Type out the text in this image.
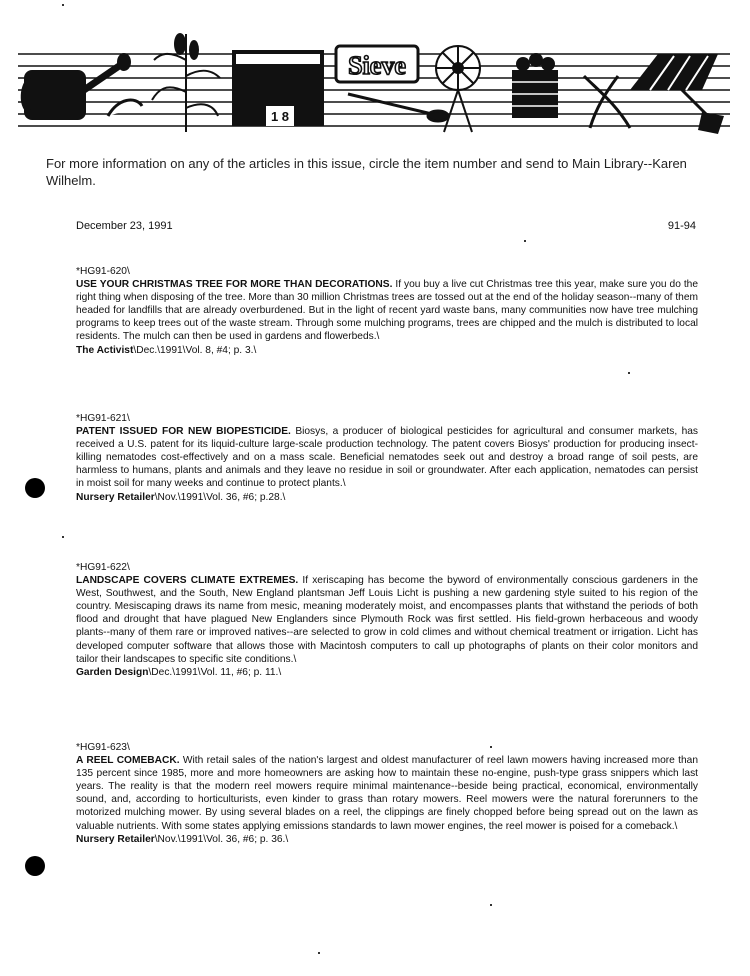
1 8
Sieve
For more information on any of the articles in this issue, circle the item number and send to Main Library--Karen Wilhelm.
December 23, 1991	91-94
*HG91-620\
USE YOUR CHRISTMAS TREE FOR MORE THAN DECORATIONS. If you buy a live cut Christmas tree this year, make sure you do the right thing when disposing of the tree. More than 30 million Christmas trees are tossed out at the end of the holiday season--many of them headed for landfills that are already overburdened. But in the light of recent yard waste bans, many communities now have tree mulching programs to keep trees out of the waste stream. Through some mulching programs, trees are chipped and the mulch is distributed to local residents. The mulch can then be used in gardens and flowerbeds.\
The Activist\Dec.\1991\Vol. 8, #4; p. 3.\
*HG91-621\
PATENT ISSUED FOR NEW BIOPESTICIDE. Biosys, a producer of biological pesticides for agricultural and consumer markets, has received a U.S. patent for its liquid-culture large-scale production technology. The patent covers Biosys' production for producing insect-killing nematodes cost-effectively and on a mass scale. Beneficial nematodes seek out and destroy a broad range of soil pests, are harmless to humans, plants and animals and they leave no residue in soil or groundwater. After each application, nematodes can persist in moist soil for many weeks and continue to protect plants.\
Nursery Retailer\Nov.\1991\Vol. 36, #6; p.28.\
*HG91-622\
LANDSCAPE COVERS CLIMATE EXTREMES. If xeriscaping has become the byword of environmentally conscious gardeners in the West, Southwest, and the South, New England plantsman Jeff Louis Licht is pushing a new gardening style suited to his region of the country. Mesiscaping draws its name from mesic, meaning moderately moist, and encompasses plants that withstand the periods of both flood and drought that have plagued New Englanders since Plymouth Rock was first settled. His field-grown herbaceous and woody plants--many of them rare or improved natives--are selected to grow in cold climes and without chemical treatment or irrigation. Licht has developed computer software that allows those with Macintosh computers to call up photographs of plants on their color monitors and tailor their landscapes to specific site conditions.\
Garden Design\Dec.\1991\Vol. 11, #6; p. 11.\
*HG91-623\
A REEL COMEBACK. With retail sales of the nation's largest and oldest manufacturer of reel lawn mowers having increased more than 135 percent since 1985, more and more homeowners are asking how to maintain these no-engine, push-type grass snippers which last years. The reality is that the modern reel mowers require minimal maintenance--beside being practical, economical, environmentally sound, and, according to horticulturists, even kinder to grass than rotary mowers. Reel mowers were the natural forerunners to the motorized mulching mower. By using several blades on a reel, the clippings are finely chopped before being spread out on the lawn as valuable nutrients. With some states applying emissions standards to lawn mower engines, the reel mower is poised for a comeback.\
Nursery Retailer\Nov.\1991\Vol. 36, #6; p. 36.\
